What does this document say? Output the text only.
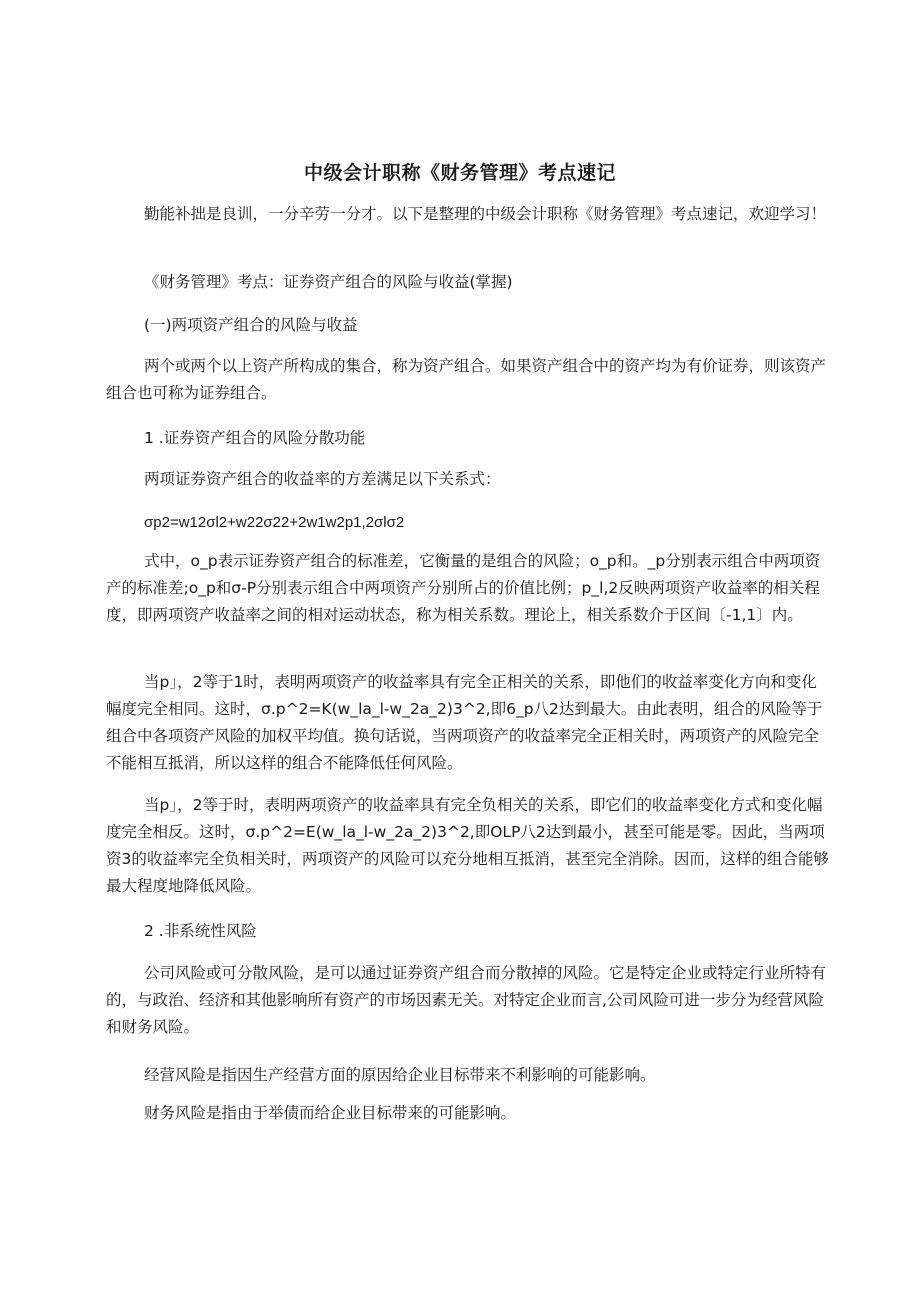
中级会计职称《财务管理》考点速记
勤能补拙是良训，一分辛劳一分才。以下是整理的中级会计职称《财务管理》考点速记，欢迎学习！
《财务管理》考点：证券资产组合的风险与收益(掌握)
(一)两项资产组合的风险与收益
两个或两个以上资产所构成的集合，称为资产组合。如果资产组合中的资产均为有价证券，则该资产组合也可称为证券组合。
1 .证券资产组合的风险分散功能
两项证券资产组合的收益率的方差满足以下关系式：
σp2=w12σl2+w22σ22+2w1w2p1,2σlσ2
式中，o_p表示证券资产组合的标准差，它衡量的是组合的风险；o_p和。_p分别表示组合中两项资产的标准差;o_p和σ-P分别表示组合中两项资产分别所占的价值比例；p_l,2反映两项资产收益率的相关程度，即两项资产收益率之间的相对运动状态，称为相关系数。理论上，相关系数介于区间〔-1,1〕内。
当p」，2等于1时，表明两项资产的收益率具有完全正相关的关系，即他们的收益率变化方向和变化幅度完全相同。这时，σ.p^2=K(w_la_l-w_2a_2)3^2,即6_p八2达到最大。由此表明，组合的风险等于组合中各项资产风险的加权平均值。换句话说，当两项资产的收益率完全正相关时，两项资产的风险完全不能相互抵消，所以这样的组合不能降低任何风险。
当p」，2等于时，表明两项资产的收益率具有完全负相关的关系，即它们的收益率变化方式和变化幅度完全相反。这时，σ.p^2=E(w_la_l-w_2a_2)3^2,即OLP八2达到最小，甚至可能是零。因此，当两项资3的收益率完全负相关时，两项资产的风险可以充分地相互抵消，甚至完全消除。因而，这样的组合能够最大程度地降低风险。
2 .非系统性风险
公司风险或可分散风险，是可以通过证券资产组合而分散掉的风险。它是特定企业或特定行业所特有的，与政治、经济和其他影响所有资产的市场因素无关。对特定企业而言,公司风险可进一步分为经营风险和财务风险。
经营风险是指因生产经营方面的原因给企业目标带来不利影响的可能影响。
财务风险是指由于举债而给企业目标带来的可能影响。
